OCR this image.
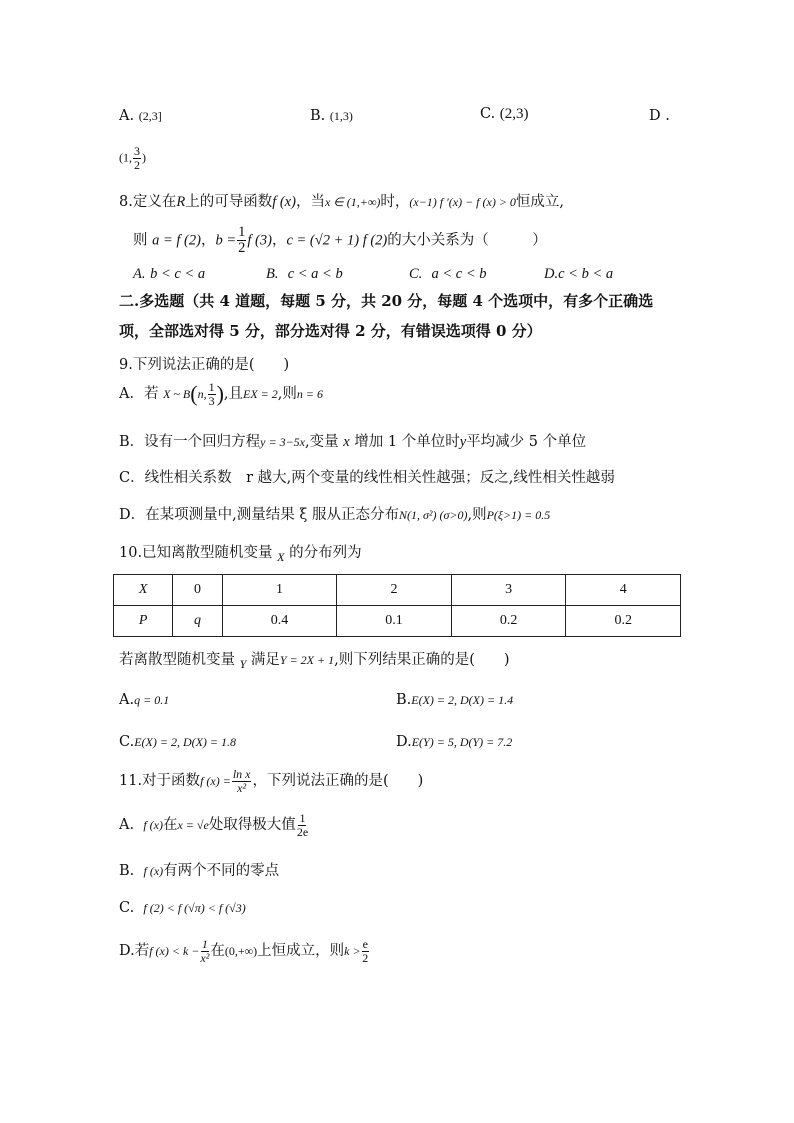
A. (2,3]	B. (1,3)	C. (2,3)	D .
(1, $\frac{3}{2}$ )
8.定义在R上的可导函数f (x)，当x ∈ (1,+∞)时，(x−1) f ′(x) − f (x) > 0恒成立,
则 a = f (2)，$b = \frac{1}{2}$ f (3)，c = (√2 + 1) f (2)的大小关系为（　　　）
A. b < c < a	B. c < a < b	C. a < c < b	D.c < b < a
二.多选题（共 4 道题，每题 5 分，共 20 分，每题 4 个选项中，有多个正确选
项，全部选对得 5 分，部分选对得 2 分，有错误选项得 0 分）
9.下列说法正确的是(　　)
A．若 X ~ B(n, $\frac{1}{3}$ ),且EX = 2,则n = 6
B．设有一个回归方程y = 3−5x,变量 x 增加 1 个单位时y平均减少 5 个单位
C．线性相关系数　r 越大,两个变量的线性相关性越强；反之,线性相关性越弱
D．在某项测量中,测量结果 ξ 服从正态分布N(1, σ²) (σ>0),则P(ξ>1) = 0.5
10.已知离散型随机变量 $_X$ 的分布列为
X	0	1	2	3	4
P	q	0.4	0.1	0.2	0.2
若离散型随机变量 $_Y$ 满足Y = 2X + 1,则下列结果正确的是(　　)
A.q = 0.1	B.E(X) = 2, D(X) = 1.4
C.E(X) = 2, D(X) = 1.8	D.E(Y) = 5, D(Y) = 7.2
11.对于函数f $(x) = \frac{\text{ln x}}{\text{x²}}$ ，下列说法正确的是(　　)
A. f (x)在x = √e处取得极大值 $\frac{1}{2e}$
B. f (x)有两个不同的零点
C. f (2) < f (√π) < f (√3)
D.若f $(x) < k - \frac{1}{\text{x²}}$ 在(0,+∞)上恒成立，则$k > \frac{e}{2}$
